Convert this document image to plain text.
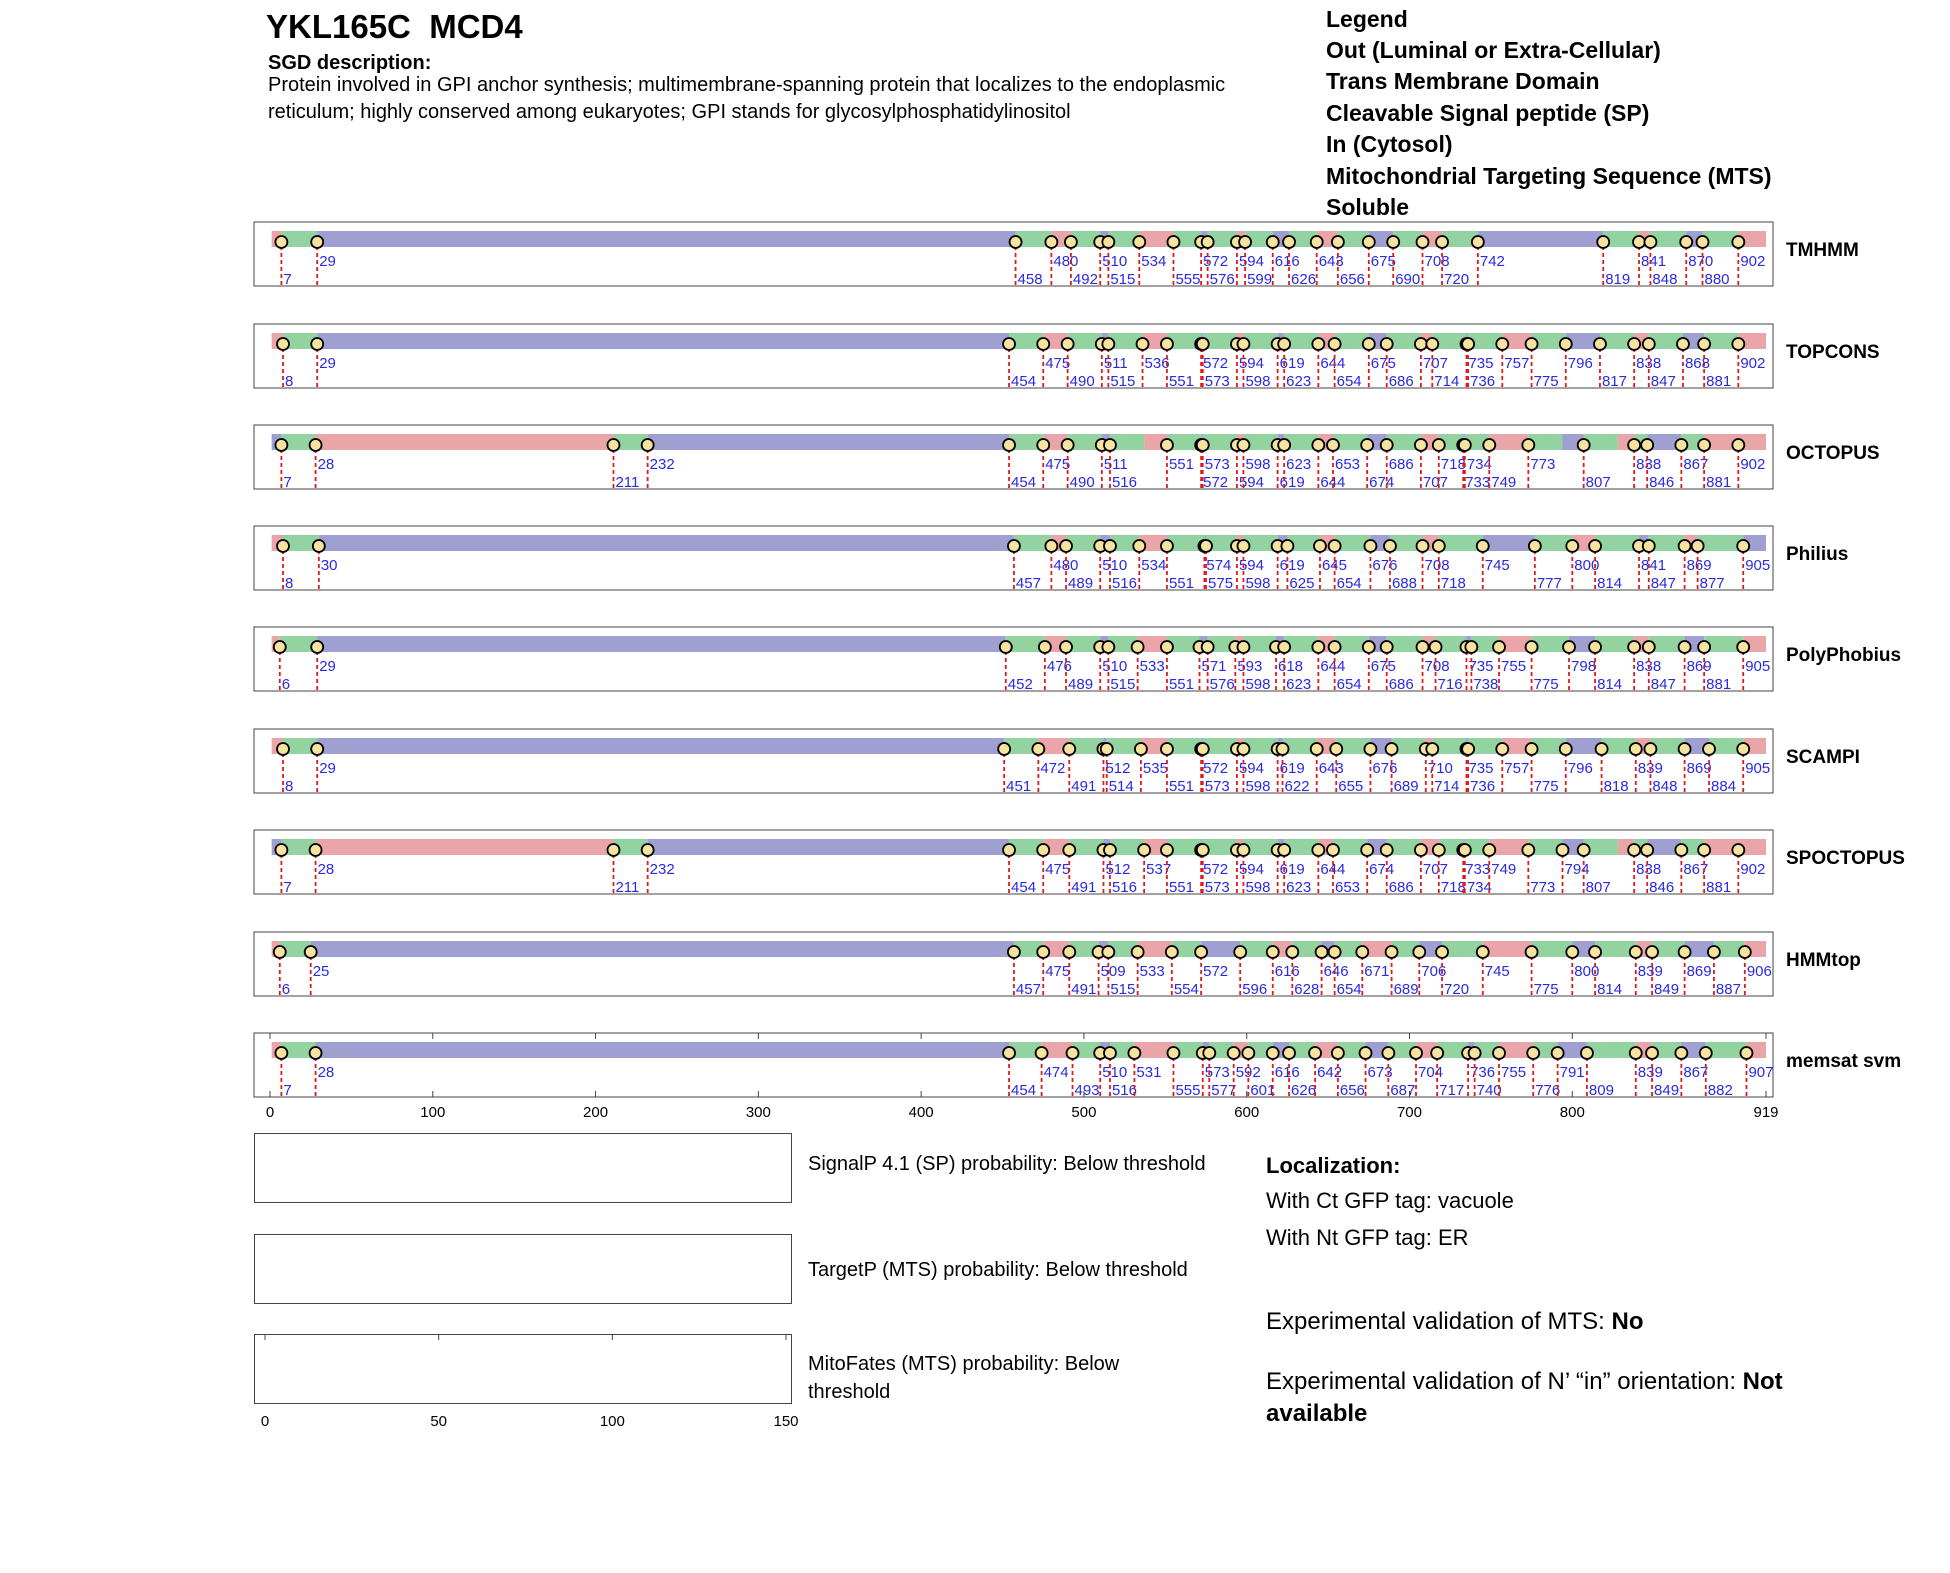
YKL165C  MCD4
SGD description:
Protein involved in GPI anchor synthesis; multimembrane-spanning protein that localizes to the endoplasmic reticulum; highly conserved among eukaryotes; GPI stands for glycosylphosphatidylinositol
Legend
Out (Luminal or Extra-Cellular)
Trans Membrane Domain
Cleavable Signal peptide (SP)
In (Cytosol)
Mitochondrial Targeting Sequence (MTS)
Soluble
7
29
458
480
492
510
515
534
555
572
576
594
599
616
626
643
656
675
690
708
720
742
819
841
848
870
880
902
TMHMM
8
29
454
475
490
511
515
536
551
572
573
594
598
619
623
644
654
675
686
707
714
735
736
757
775
796
817
838
847
868
881
902
TOPCONS
7
28
211
232
454
475
490
511
516
551
572
573
594
598
619
623
644
653
674
686
707
718
733
734
749
773
807
838
846
867
881
902
OCTOPUS
8
30
457
480
489
510
516
534
551
574
575
594
598
619
625
645
654
676
688
708
718
745
777
800
814
841
847
869
877
905
Philius
6
29
452
476
489
510
515
533
551
571
576
593
598
618
623
644
654
675
686
708
716
735
738
755
775
798
814
838
847
869
881
905
PolyPhobius
8
29
451
472
491
512
514
535
551
572
573
594
598
619
622
643
655
676
689
710
714
735
736
757
775
796
818
839
848
869
884
905
SCAMPI
7
28
211
232
454
475
491
512
516
537
551
572
573
594
598
619
623
644
653
674
686
707
718
733
734
749
773
794
807
838
846
867
881
902
SPOCTOPUS
6
25
457
475
491
509
515
533
554
572
596
616
628
646
654
671
689
706
720
745
775
800
814
839
849
869
887
906
HMMtop
7
28
454
474
493
510
516
531
555
573
577
592
601
616
626
642
656
673
687
704
717
736
740
755
776
791
809
839
849
867
882
907
memsat svm
0	100	200	300	400	500	600	700	800	919
0	50	100	150
SignalP 4.1 (SP) probability: Below threshold
TargetP (MTS) probability: Below threshold
MitoFates (MTS) probability: Below threshold
Localization:
With Ct GFP tag: vacuole
With Nt GFP tag: ER
Experimental validation of MTS: No
Experimental validation of N’ “in” orientation: Not available
